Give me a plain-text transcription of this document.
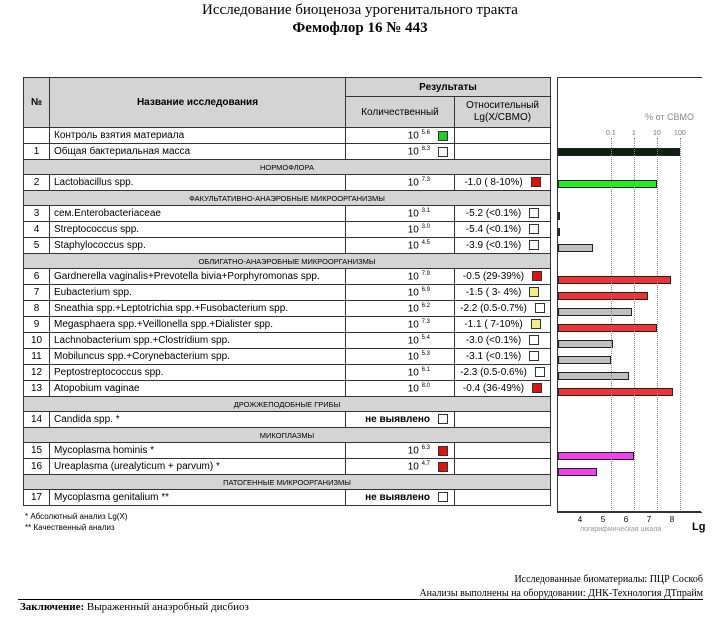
Исследование биоценоза урогенитального тракта
Фемофлор 16 № 443
№	Название исследования	Результаты	
		Количественный	Относительный Lg(X/СВМО)
	Контроль взятия материала	10 $^{5.6}$	
1	Общая бактериальная масса	10 $^{8.3}$	
НОРМОФЛОРА			
2	Lactobacillus spp.	10 $^{7.3}$	-1.0 ( 8-10%)
ФАКУЛЬТАТИВНО-АНАЭРОБНЫЕ МИКРООРГАНИЗМЫ			
3	сем.Enterobacteriaceae	10 $^{3.1}$	-5.2 (<0.1%)
4	Streptococcus spp.	10 $^{3.0}$	-5.4 (<0.1%)
5	Staphylococcus spp.	10 $^{4.5}$	-3.9 (<0.1%)
ОБЛИГАТНО-АНАЭРОБНЫЕ МИКРООРГАНИЗМЫ			
6	Gardnerella vaginalis+Prevotella bivia+Porphyromonas spp.	10 $^{7.9}$	-0.5 (29-39%)
7	Eubacterium spp.	10 $^{6.9}$	-1.5 ( 3- 4%)
8	Sneathia spp.+Leptotrichia spp.+Fusobacterium spp.	10 $^{6.2}$	-2.2 (0.5-0.7%)
9	Megasphaera spp.+Veillonella spp.+Dialister spp.	10 $^{7.3}$	-1.1 ( 7-10%)
10	Lachnobacterium spp.+Clostridium spp.	10 $^{5.4}$	-3.0 (<0.1%)
11	Mobiluncus spp.+Corynebacterium spp.	10 $^{5.3}$	-3.1 (<0.1%)
12	Peptostreptococcus spp.	10 $^{6.1}$	-2.3 (0.5-0.6%)
13	Atopobium vaginae	10 $^{8.0}$	-0.4 (36-49%)
ДРОЖЖЕПОДОБНЫЕ ГРИБЫ			
14	Candida spp. *	не выявлено	
МИКОПЛАЗМЫ			
15	Mycoplasma hominis *	10 $^{6.3}$	
16	Ureaplasma (urealyticum + parvum) *	10 $^{4.7}$	
ПАТОГЕННЫЕ МИКРООРГАНИЗМЫ			
17	Mycoplasma genitalium **	не выявлено	
* Абсолютный анализ Lg(X)
** Качественный анализ
% от СВМО
0.1 1 10 100
4 5 6 7 8
логарифмическая шкала	Lg
Исследованные биоматериалы: ПЦР Соскоб
Анализы выполнены на оборудовании: ДНК-Технология ДТпрайм
Заключение: Выраженный анаэробный дисбиоз
